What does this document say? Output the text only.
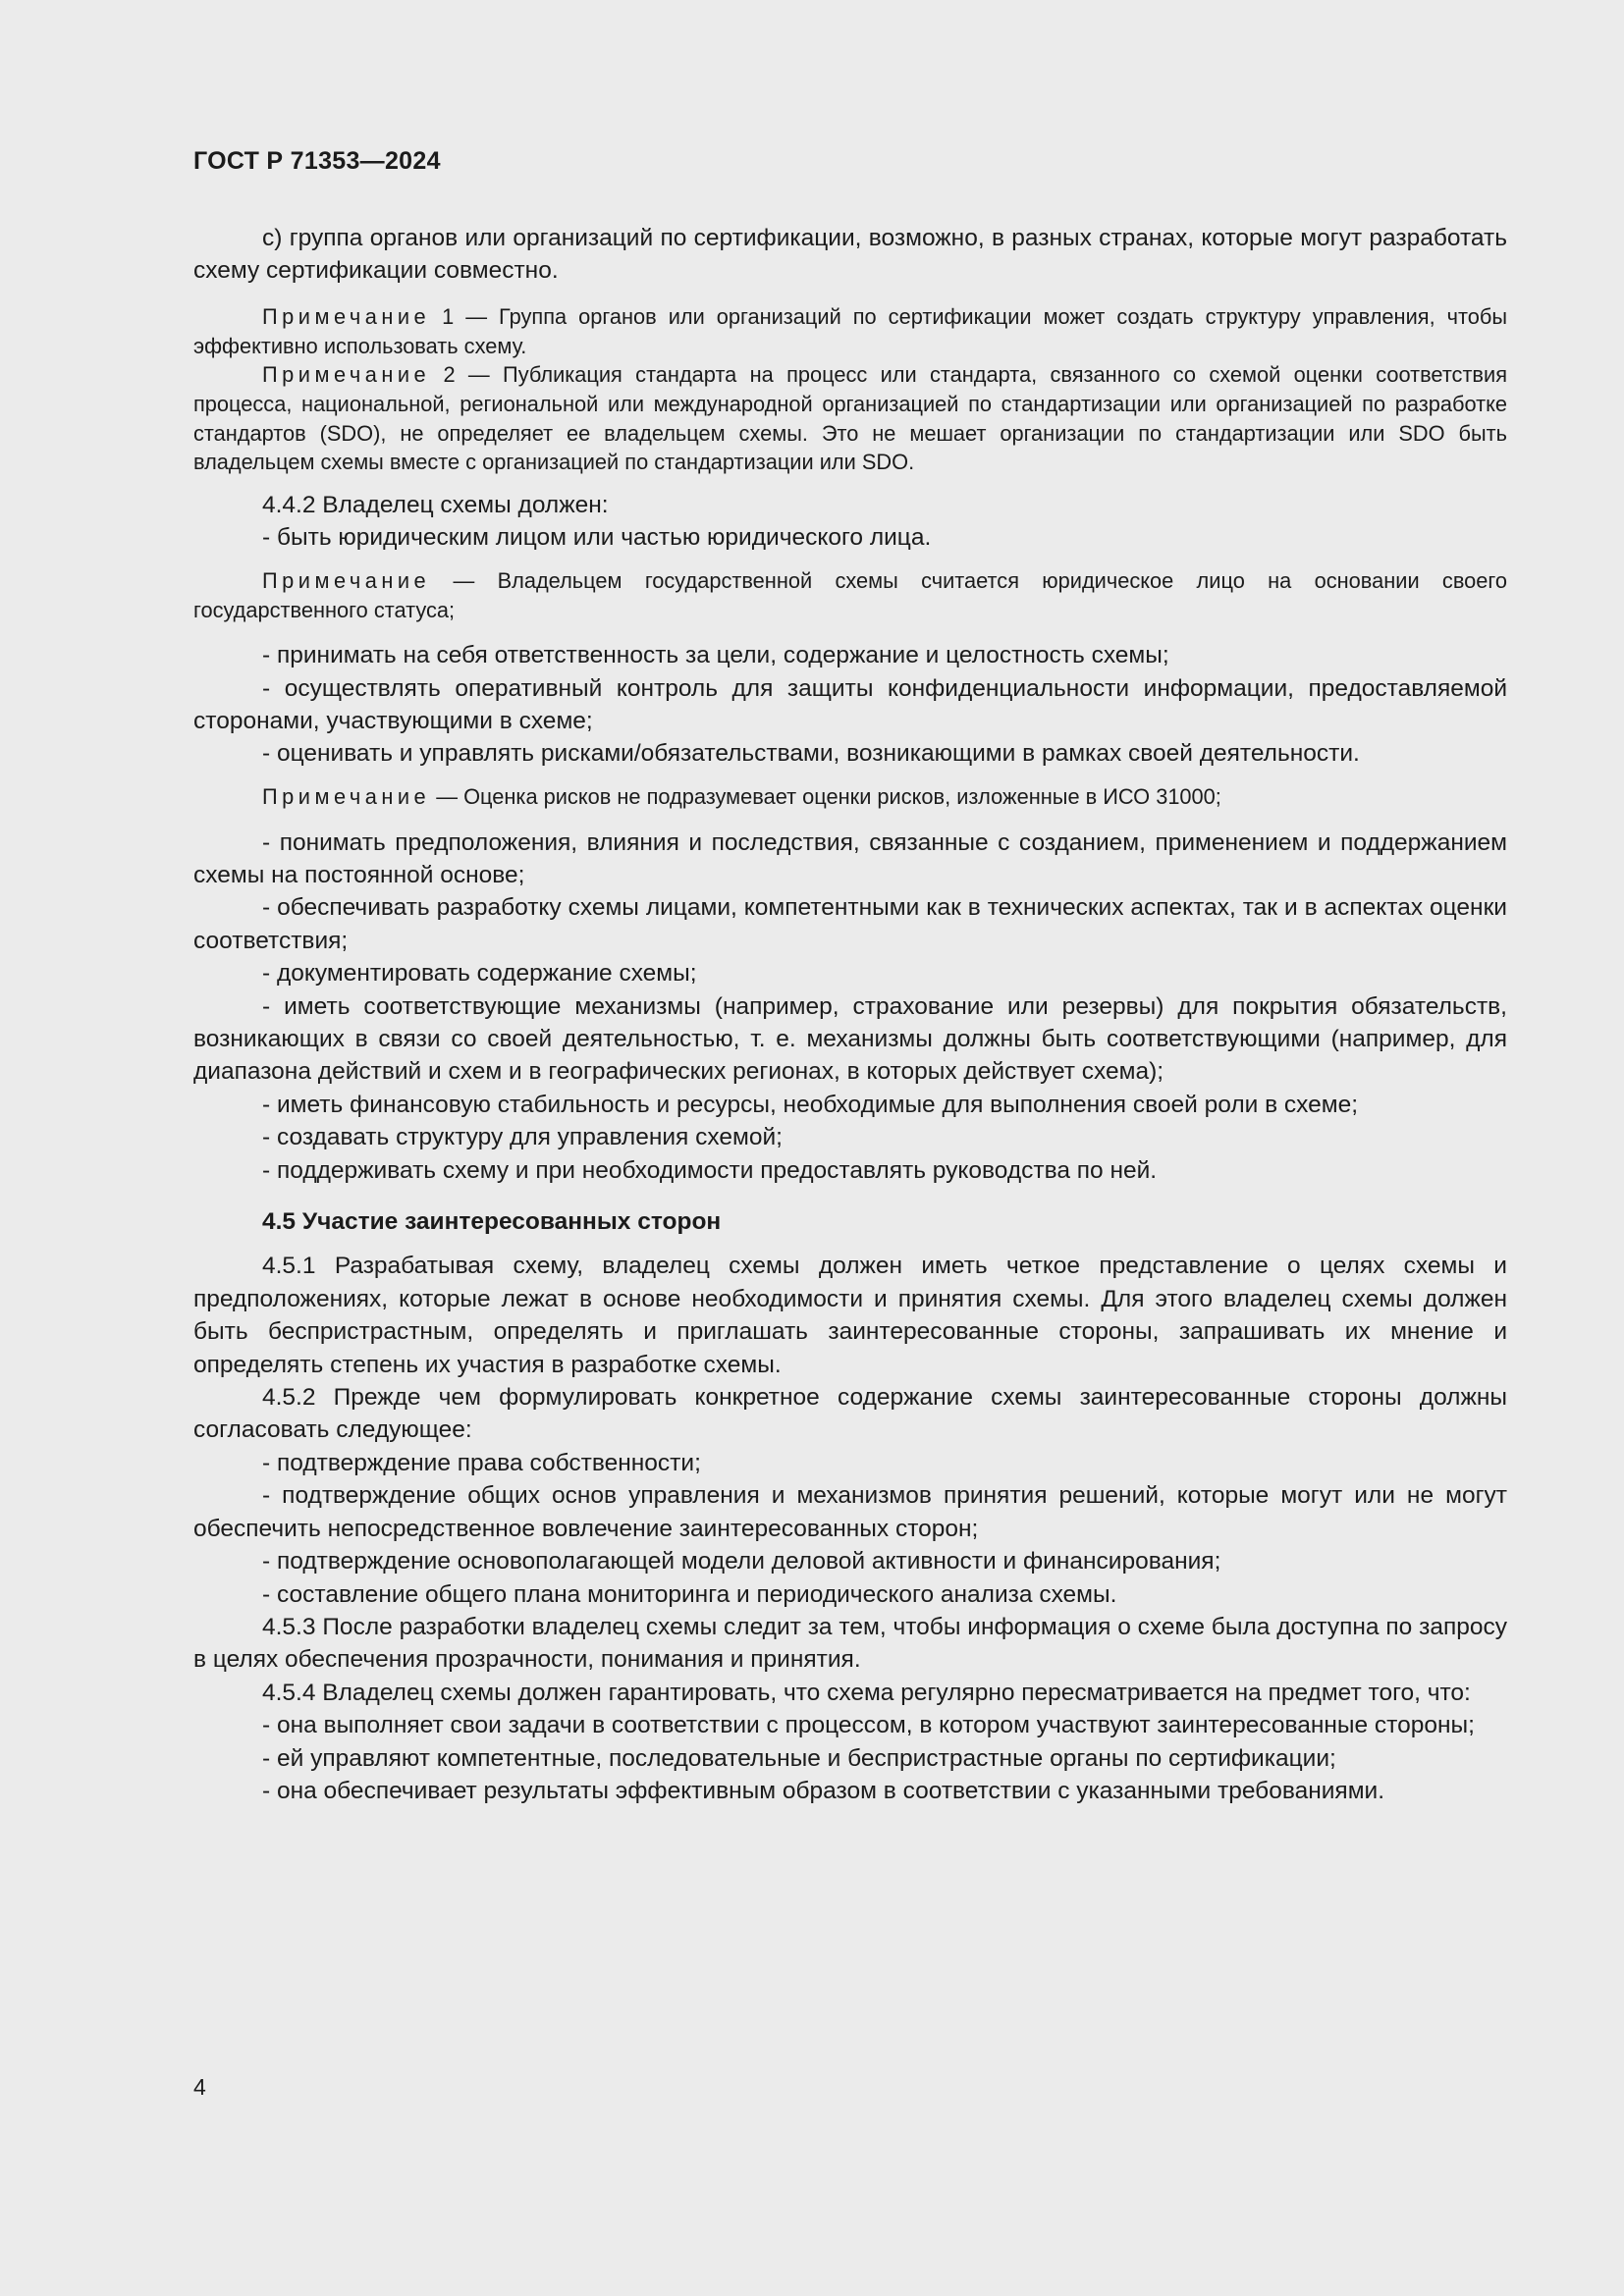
ГОСТ Р 71353—2024

с) группа органов или организаций по сертификации, возможно, в разных странах, которые могут разработать схему сертификации совместно.

Примечание 1 — Группа органов или организаций по сертификации может создать структуру управления, чтобы эффективно использовать схему.

Примечание 2 — Публикация стандарта на процесс или стандарта, связанного со схемой оценки соответствия процесса, национальной, региональной или международной организацией по стандартизации или организацией по разработке стандартов (SDO), не определяет ее владельцем схемы. Это не мешает организации по стандартизации или SDO быть владельцем схемы вместе с организацией по стандартизации или SDO.

4.4.2 Владелец схемы должен:

- быть юридическим лицом или частью юридического лица.

Примечание — Владельцем государственной схемы считается юридическое лицо на основании своего государственного статуса;

- принимать на себя ответственность за цели, содержание и целостность схемы;

- осуществлять оперативный контроль для защиты конфиденциальности информации, предоставляемой сторонами, участвующими в схеме;

- оценивать и управлять рисками/обязательствами, возникающими в рамках своей деятельности.

Примечание — Оценка рисков не подразумевает оценки рисков, изложенные в ИСО 31000;

- понимать предположения, влияния и последствия, связанные с созданием, применением и поддержанием схемы на постоянной основе;

- обеспечивать разработку схемы лицами, компетентными как в технических аспектах, так и в аспектах оценки соответствия;

- документировать содержание схемы;

- иметь соответствующие механизмы (например, страхование или резервы) для покрытия обязательств, возникающих в связи со своей деятельностью, т. е. механизмы должны быть соответствующими (например, для диапазона действий и схем и в географических регионах, в которых действует схема);

- иметь финансовую стабильность и ресурсы, необходимые для выполнения своей роли в схеме;

- создавать структуру для управления схемой;

- поддерживать схему и при необходимости предоставлять руководства по ней.

4.5 Участие заинтересованных сторон

4.5.1 Разрабатывая схему, владелец схемы должен иметь четкое представление о целях схемы и предположениях, которые лежат в основе необходимости и принятия схемы. Для этого владелец схемы должен быть беспристрастным, определять и приглашать заинтересованные стороны, запрашивать их мнение и определять степень их участия в разработке схемы.

4.5.2 Прежде чем формулировать конкретное содержание схемы заинтересованные стороны должны согласовать следующее:

- подтверждение права собственности;

- подтверждение общих основ управления и механизмов принятия решений, которые могут или не могут обеспечить непосредственное вовлечение заинтересованных сторон;

- подтверждение основополагающей модели деловой активности и финансирования;

- составление общего плана мониторинга и периодического анализа схемы.

4.5.3 После разработки владелец схемы следит за тем, чтобы информация о схеме была доступна по запросу в целях обеспечения прозрачности, понимания и принятия.

4.5.4 Владелец схемы должен гарантировать, что схема регулярно пересматривается на предмет того, что:

- она выполняет свои задачи в соответствии с процессом, в котором участвуют заинтересованные стороны;

- ей управляют компетентные, последовательные и беспристрастные органы по сертификации;

- она обеспечивает результаты эффективным образом в соответствии с указанными требованиями.

4
